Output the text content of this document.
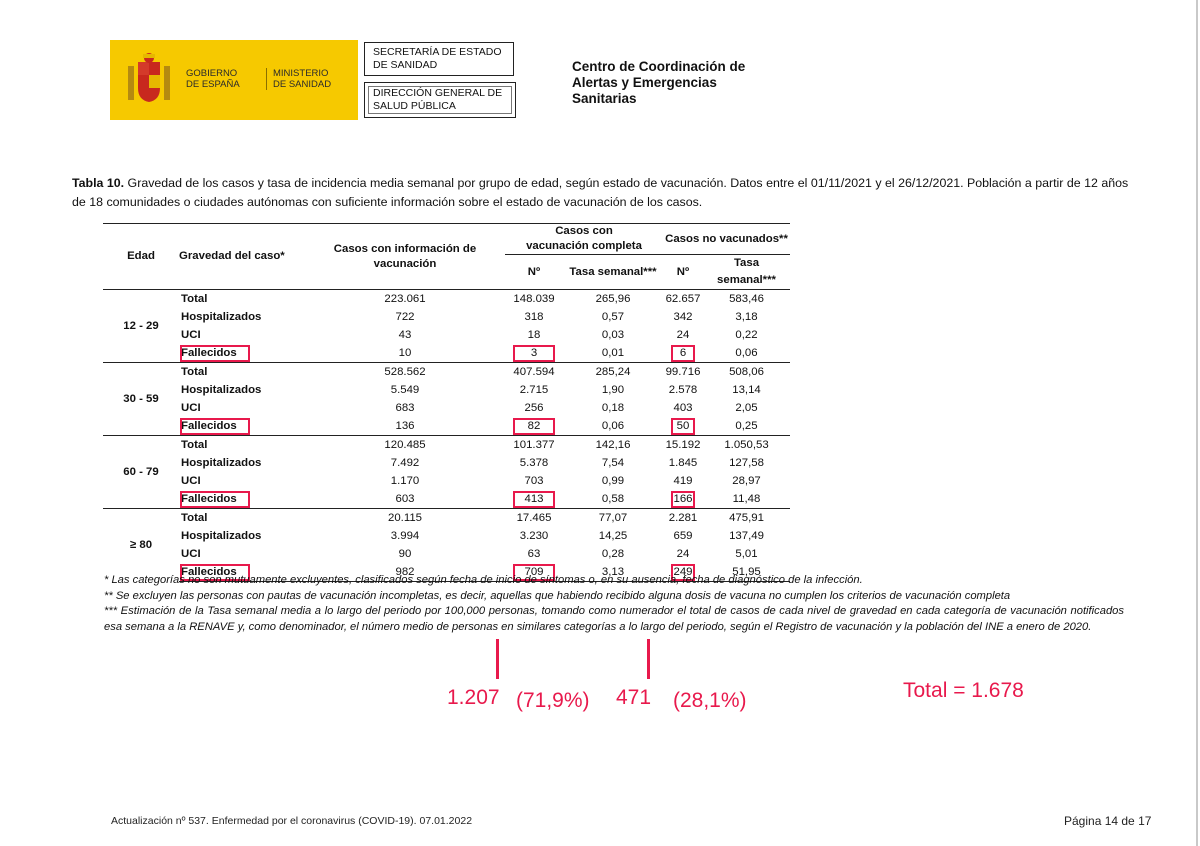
GOBIERNO
DE ESPAÑA
MINISTERIO
DE SANIDAD
SECRETARÍA DE ESTADO
DE SANIDAD
DIRECCIÓN GENERAL DE
SALUD PÚBLICA
Centro de Coordinación de
Alertas y Emergencias
Sanitarias
Tabla 10. Gravedad de los casos y tasa de incidencia media semanal por grupo de edad, según estado de vacunación. Datos entre el 01/11/2021 y el 26/12/2021. Población a partir de 12 años de 18 comunidades o ciudades autónomas con suficiente información sobre el estado de vacunación de los casos.
Edad	Gravedad del caso*	Casos con información de vacunación	Casos con vacunación completa		Casos no vacunados**	
			Nº	Tasa semanal***	Nº	Tasa semanal***
12 - 29	Total	223.061	148.039	265,96	62.657	583,46
	Hospitalizados	722	318	0,57	342	3,18
	UCI	43	18	0,03	24	0,22
	Fallecidos	10	3	0,01	6	0,06
30 - 59	Total	528.562	407.594	285,24	99.716	508,06
	Hospitalizados	5.549	2.715	1,90	2.578	13,14
	UCI	683	256	0,18	403	2,05
	Fallecidos	136	82	0,06	50	0,25
60 - 79	Total	120.485	101.377	142,16	15.192	1.050,53
	Hospitalizados	7.492	5.378	7,54	1.845	127,58
	UCI	1.170	703	0,99	419	28,97
	Fallecidos	603	413	0,58	166	11,48
≥ 80	Total	20.115	17.465	77,07	2.281	475,91
	Hospitalizados	3.994	3.230	14,25	659	137,49
	UCI	90	63	0,28	24	5,01
	Fallecidos	982	709	3,13	249	51,95
* Las categorías no son mutuamente excluyentes, clasificados según fecha de inicio de síntomas o, en su ausencia, fecha de diagnóstico de la infección.
** Se excluyen las personas con pautas de vacunación incompletas, es decir, aquellas que habiendo recibido alguna dosis de vacuna no cumplen los criterios de vacunación completa
*** Estimación de la Tasa semanal media a lo largo del periodo por 100,000 personas, tomando como numerador el total de casos de cada nivel de gravedad en cada categoría de vacunación notificados esa semana a la RENAVE y, como denominador, el número medio de personas en similares categorías a lo largo del periodo, según el Registro de vacunación y la población del INE a enero de 2020.
1.207 (71,9%) 471 (28,1%)	Total = 1.678
Actualización nº 537. Enfermedad por el coronavirus (COVID-19). 07.01.2022	Página 14 de 17
